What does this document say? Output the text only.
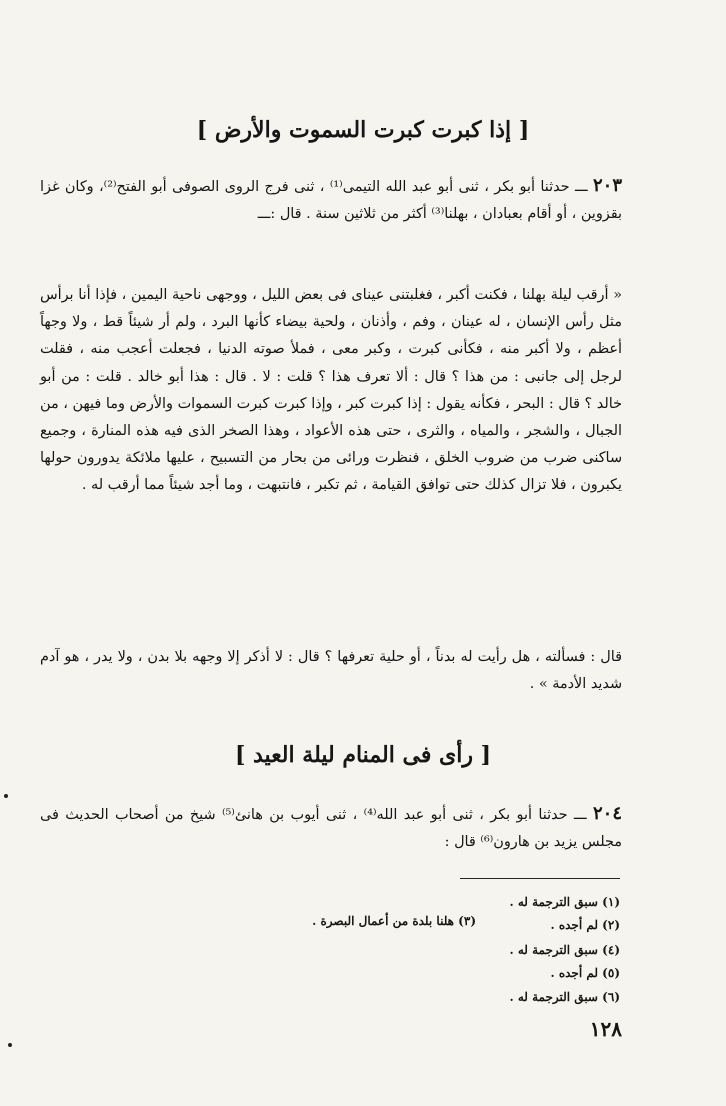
[ إذا كبرت كبرت السموت والأرض ]
٢٠٣ ـــ حدثنا أبو بكر ، ثنى أبو عبد الله التيمى⁽¹⁾ ، ثنى فرج الروى الصوفى أبو الفتح⁽²⁾، وكان غزا بقزوين ، أو أقام بعبادان ، بهلنا⁽³⁾ أكثر من ثلاثين سنة . قال :ـــ
« أرقب ليلة بهلنا ، فكنت أكبر ، فغلبتنى عيناى فى بعض الليل ، ووجهى ناحية اليمين ، فإذا أنا برأس مثل رأس الإنسان ، له عينان ، وفم ، وأذنان ، ولحية بيضاء كأنها البرد ، ولم أر شيئاً قط ، ولا وجهاً أعظم ، ولا أكبر منه ، فكأنى كبرت ، وكبر معى ، فملأ صوته الدنيا ، فجعلت أعجب منه ، فقلت لرجل إلى جانبى : من هذا ؟ قال : ألا تعرف هذا ؟ قلت : لا . قال : هذا أبو خالد . قلت : من أبو خالد ؟ قال : البحر ، فكأنه يقول : إذا كبرت كبر ، وإذا كبرت كبرت السموات والأرض وما فيهن ، من الجبال ، والشجر ، والمياه ، والثرى ، حتى هذه الأعواد ، وهذا الصخر الذى فيه هذه المنارة ، وجميع ساكنى ضرب من ضروب الخلق ، فنظرت ورائى من بحار من التسبيح ، عليها ملائكة يدورون حولها يكبرون ، فلا تزال كذلك حتى توافق القيامة ، ثم تكبر ، فانتبهت ، وما أجد شيئاً مما أرقب له .
قال : فسألته ، هل رأيت له بدناً ، أو حلية تعرفها ؟ قال : لا أذكر إلا وجهه بلا بدن ، ولا يدر ، هو آدم شديد الأدمة » .
[ رأى فى المنام ليلة العيد ]
٢٠٤ ـــ حدثنا أبو بكر ، ثنى أبو عبد الله⁽⁴⁾ ، ثنى أيوب بن هانئ⁽⁵⁾ شيخ من أصحاب الحديث فى مجلس يزيد بن هارون⁽⁶⁾ قال :
(١) سبق الترجمة له .
(٢) لم أجده .
(٣) هلنا بلدة من أعمال البصرة .
(٤) سبق الترجمة له .
(٥) لم أجده .
(٦) سبق الترجمة له .
١٢٨
